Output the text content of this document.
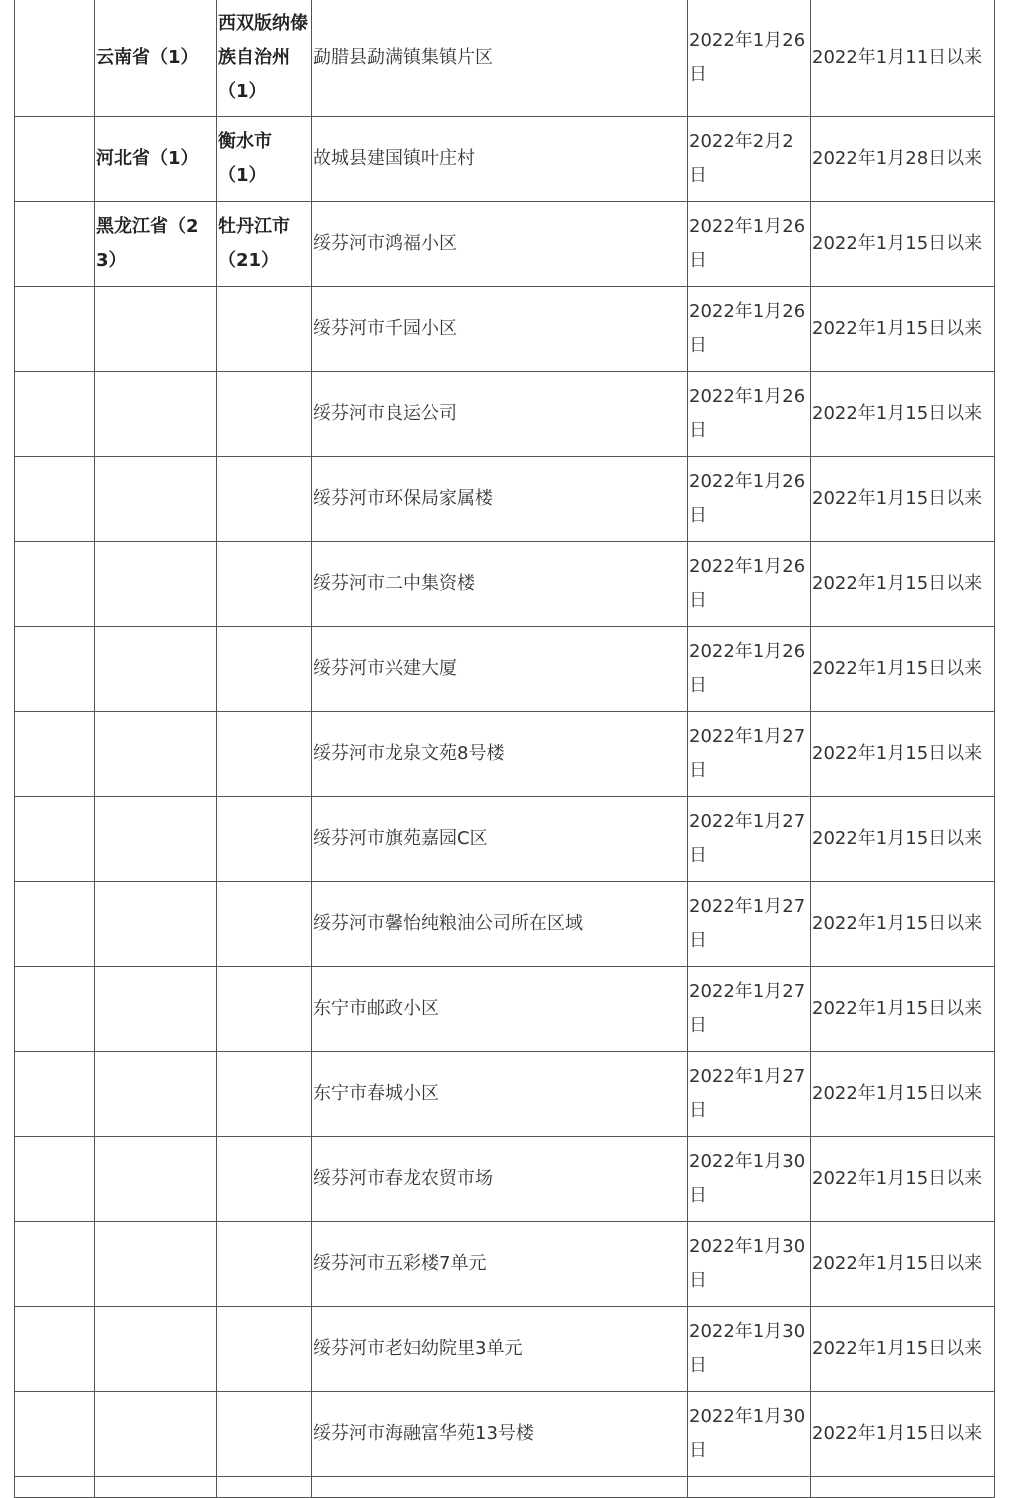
	云南省（1）	西双版纳傣族自治州（1）	勐腊县勐满镇集镇片区	2022年1月26日	2022年1月11日以来
	河北省（1）	衡水市（1）	故城县建国镇叶庄村	2022年2月2日	2022年1月28日以来
	黑龙江省（23）	牡丹江市（21）	绥芬河市鸿福小区	2022年1月26日	2022年1月15日以来
			绥芬河市千园小区	2022年1月26日	2022年1月15日以来
			绥芬河市良运公司	2022年1月26日	2022年1月15日以来
			绥芬河市环保局家属楼	2022年1月26日	2022年1月15日以来
			绥芬河市二中集资楼	2022年1月26日	2022年1月15日以来
			绥芬河市兴建大厦	2022年1月26日	2022年1月15日以来
			绥芬河市龙泉文苑8号楼	2022年1月27日	2022年1月15日以来
			绥芬河市旗苑嘉园C区	2022年1月27日	2022年1月15日以来
			绥芬河市馨怡纯粮油公司所在区域	2022年1月27日	2022年1月15日以来
			东宁市邮政小区	2022年1月27日	2022年1月15日以来
			东宁市春城小区	2022年1月27日	2022年1月15日以来
			绥芬河市春龙农贸市场	2022年1月30日	2022年1月15日以来
			绥芬河市五彩楼7单元	2022年1月30日	2022年1月15日以来
			绥芬河市老妇幼院里3单元	2022年1月30日	2022年1月15日以来
			绥芬河市海融富华苑13号楼	2022年1月30日	2022年1月15日以来
